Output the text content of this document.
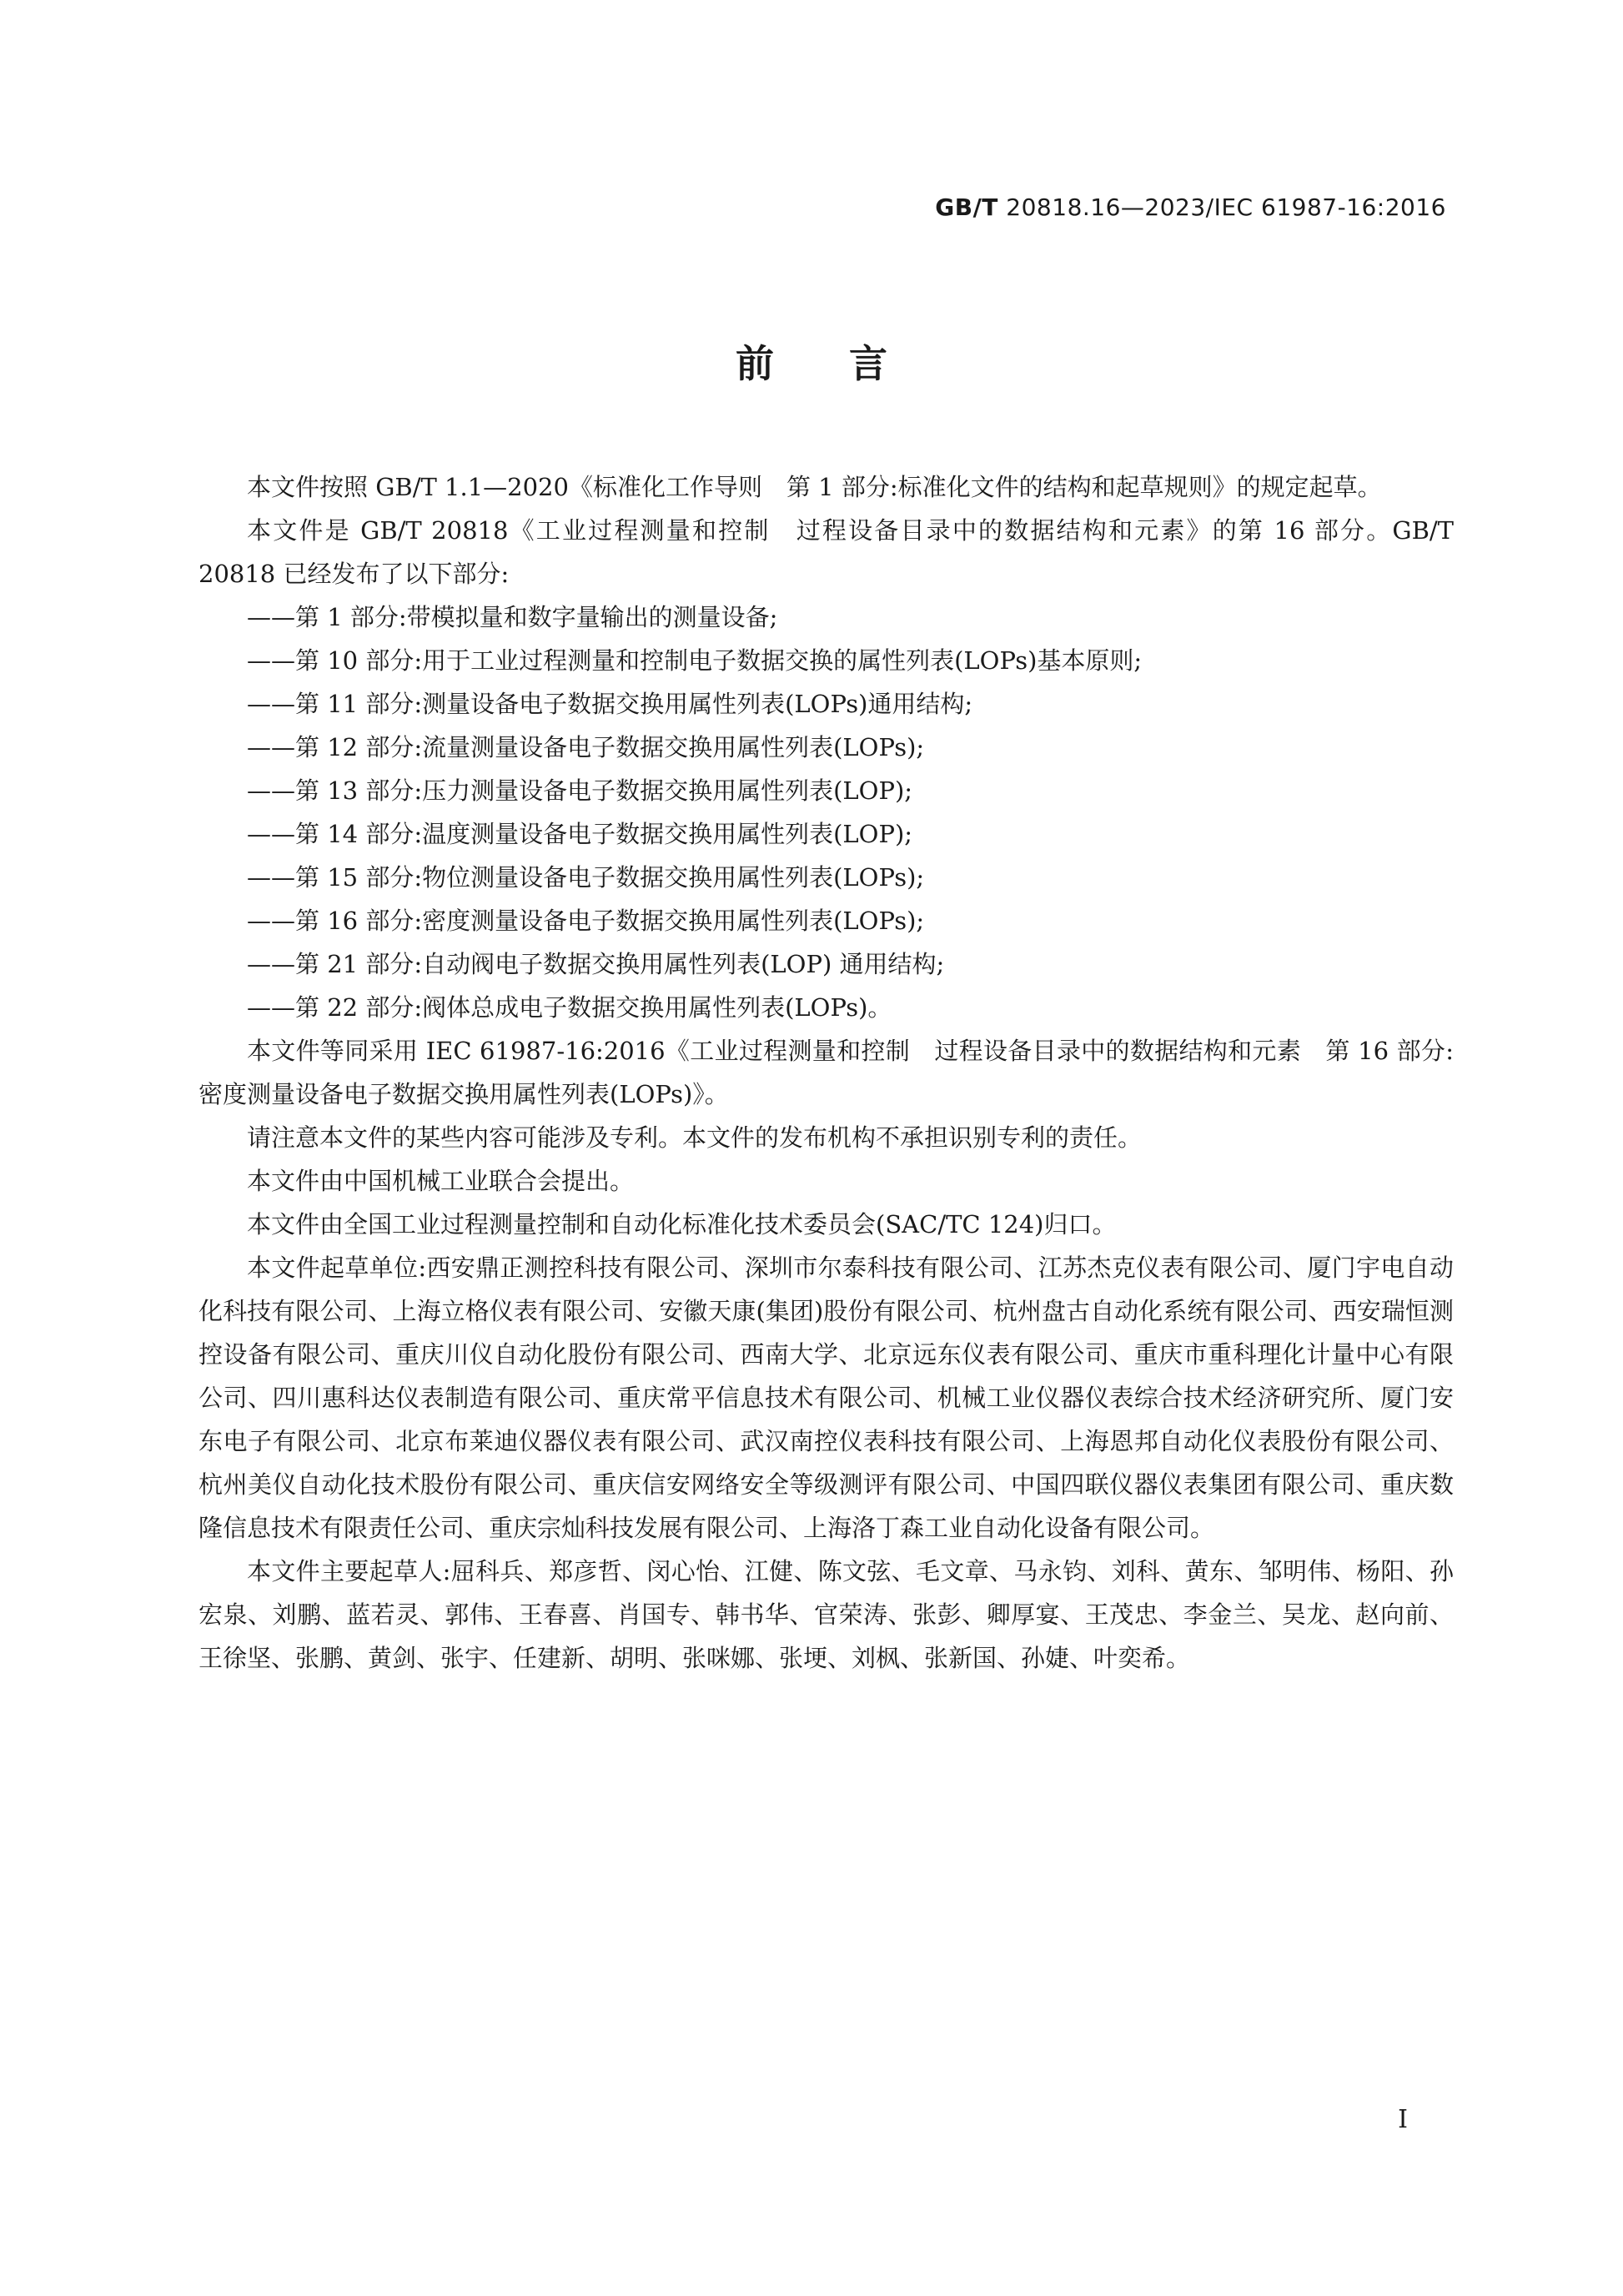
GB/T 20818.16—2023/IEC 61987-16:2016
前言

本文件按照 GB/T 1.1—2020《标准化工作导则　第 1 部分:标准化文件的结构和起草规则》的规定起草。

本文件是 GB/T 20818《工业过程测量和控制　过程设备目录中的数据结构和元素》的第 16 部分。GB/T 20818 已经发布了以下部分:

——第 1 部分:带模拟量和数字量输出的测量设备;

——第 10 部分:用于工业过程测量和控制电子数据交换的属性列表(LOPs)基本原则;

——第 11 部分:测量设备电子数据交换用属性列表(LOPs)通用结构;

——第 12 部分:流量测量设备电子数据交换用属性列表(LOPs);

——第 13 部分:压力测量设备电子数据交换用属性列表(LOP);

——第 14 部分:温度测量设备电子数据交换用属性列表(LOP);

——第 15 部分:物位测量设备电子数据交换用属性列表(LOPs);

——第 16 部分:密度测量设备电子数据交换用属性列表(LOPs);

——第 21 部分:自动阀电子数据交换用属性列表(LOP) 通用结构;

——第 22 部分:阀体总成电子数据交换用属性列表(LOPs)。

本文件等同采用 IEC 61987-16:2016《工业过程测量和控制　过程设备目录中的数据结构和元素　第 16 部分:密度测量设备电子数据交换用属性列表(LOPs)》。

请注意本文件的某些内容可能涉及专利。本文件的发布机构不承担识别专利的责任。

本文件由中国机械工业联合会提出。

本文件由全国工业过程测量控制和自动化标准化技术委员会(SAC/TC 124)归口。

本文件起草单位:西安鼎正测控科技有限公司、深圳市尔泰科技有限公司、江苏杰克仪表有限公司、厦门宇电自动化科技有限公司、上海立格仪表有限公司、安徽天康(集团)股份有限公司、杭州盘古自动化系统有限公司、西安瑞恒测控设备有限公司、重庆川仪自动化股份有限公司、西南大学、北京远东仪表有限公司、重庆市重科理化计量中心有限公司、四川惠科达仪表制造有限公司、重庆常平信息技术有限公司、机械工业仪器仪表综合技术经济研究所、厦门安东电子有限公司、北京布莱迪仪器仪表有限公司、武汉南控仪表科技有限公司、上海恩邦自动化仪表股份有限公司、杭州美仪自动化技术股份有限公司、重庆信安网络安全等级测评有限公司、中国四联仪器仪表集团有限公司、重庆数隆信息技术有限责任公司、重庆宗灿科技发展有限公司、上海洛丁森工业自动化设备有限公司。

本文件主要起草人:屈科兵、郑彦哲、闵心怡、江健、陈文弦、毛文章、马永钧、刘科、黄东、邹明伟、杨阳、孙宏泉、刘鹏、蓝若灵、郭伟、王春喜、肖国专、韩书华、官荣涛、张彭、卿厚宴、王茂忠、李金兰、吴龙、赵向前、王徐坚、张鹏、黄剑、张宇、任建新、胡明、张咪娜、张埂、刘枫、张新国、孙婕、叶奕希。

I
